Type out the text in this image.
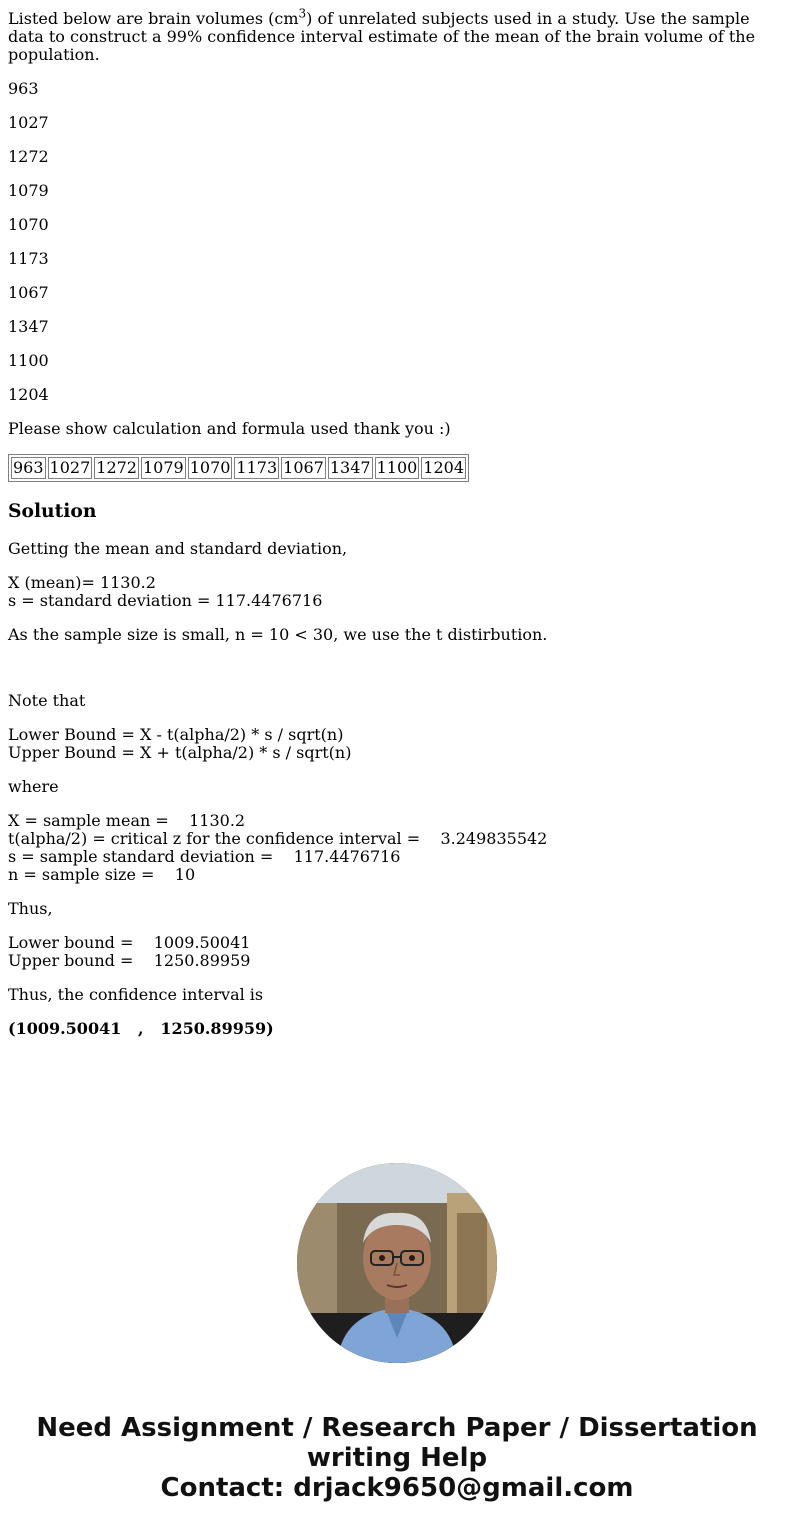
Listed below are brain volumes $(cm^3)$ of unrelated subjects used in a study. Use the sample data to construct a 99% confidence interval estimate of the mean of the brain volume of the population.

963

1027

1272

1079

1070

1173

1067

1347

1100

1204

Please show calculation and formula used thank you :)

963	1027	1272	1079	1070	1173	1067	1347	1100	1204
Solution

Getting the mean and standard deviation,

X (mean)= 1130.2
s = standard deviation = 117.4476716

As the sample size is small, n = 10 < 30, we use the t distirbution.

Note that

Lower Bound = X - t(alpha/2) * s / sqrt(n)
Upper Bound = X + t(alpha/2) * s / sqrt(n)

where

X = sample mean =    1130.2
t(alpha/2) = critical z for the confidence interval =    3.249835542
s = sample standard deviation =    117.4476716
n = sample size =    10

Thus,

Lower bound =    1009.50041
Upper bound =    1250.89959

Thus, the confidence interval is

(1009.50041   ,   1250.89959)

Need Assignment / Research Paper / Dissertation
writing Help
Contact: drjack9650@gmail.com
